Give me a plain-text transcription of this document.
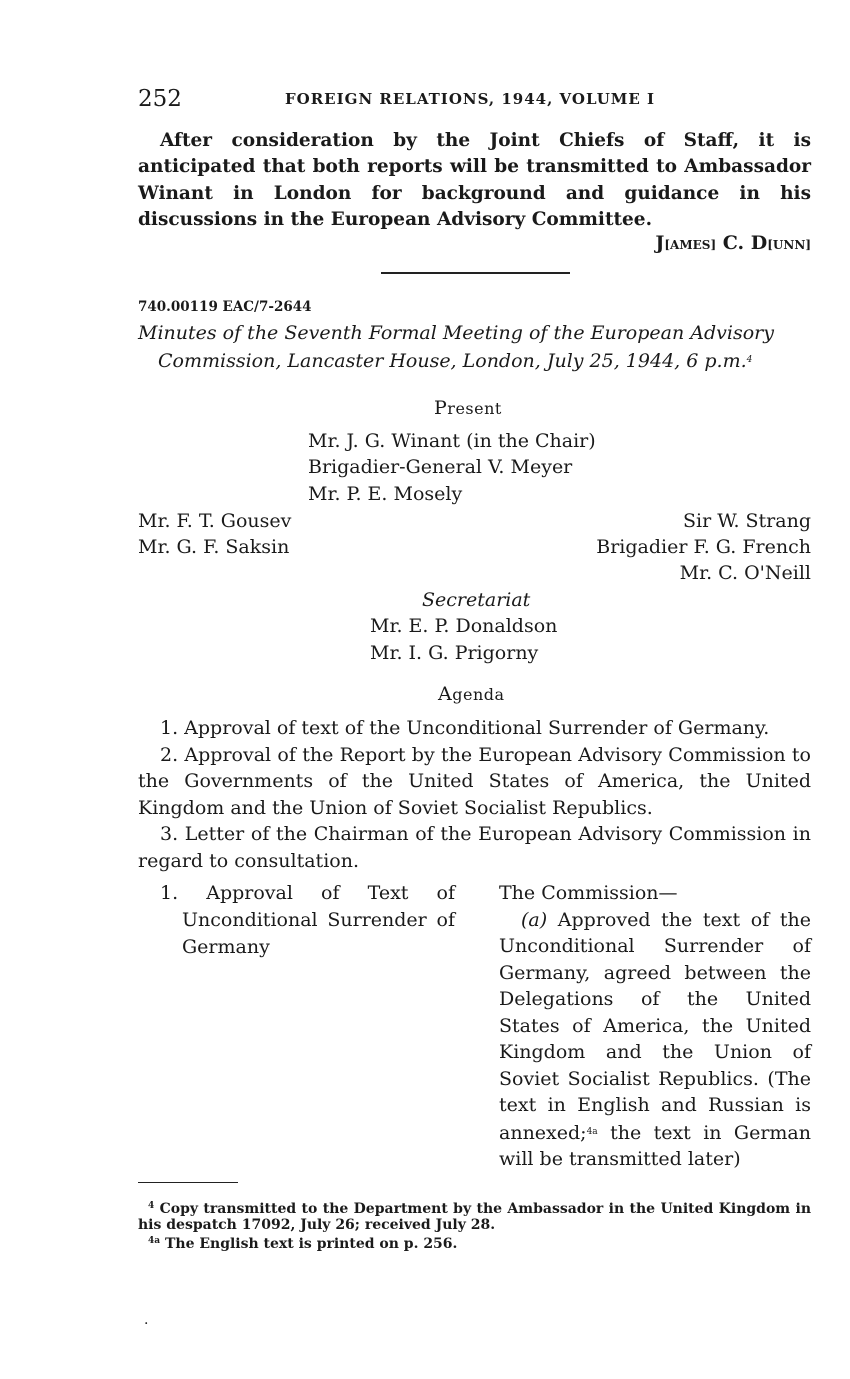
252	FOREIGN RELATIONS, 1944, VOLUME I

After consideration by the Joint Chiefs of Staff, it is anticipated that both reports will be transmitted to Ambassador Winant in London for background and guidance in his discussions in the European Advisory Committee.

J[AMES] C. D[UNN]
740.00119 EAC/7-2644

Minutes of the Seventh Formal Meeting of the European Advisory Commission, Lancaster House, London, July 25, 1944, 6 p.m.$^4$

Present
Mr. J. G. Winant (in the Chair)
Brigadier-General V. Meyer
Mr. P. E. Mosely
Mr. F. T. Gousev
Mr. G. F. Saksin
Sir W. Strang
Brigadier F. G. French
Mr. C. O'Neill
Secretariat
Mr. E. P. Donaldson
Mr. I. G. Prigorny
Agenda

1. Approval of text of the Unconditional Surrender of Germany.

2. Approval of the Report by the European Advisory Commission to the Governments of the United States of America, the United Kingdom and the Union of Soviet Socialist Republics.

3. Letter of the Chairman of the European Advisory Commission in regard to consultation.

1. Approval of Text of Unconditional Surrender of Germany

The Commission—
(a) Approved the text of the Unconditional Surrender of Germany, agreed between the Delegations of the United States of America, the United Kingdom and the Union of Soviet Socialist Republics. (The text in English and Russian is annexed;$^{4a}$ the text in German will be transmitted later)

$^4$ Copy transmitted to the Department by the Ambassador in the United Kingdom in his despatch 17092, July 26; received July 28.

$^{4a}$ The English text is printed on p. 256.

·
